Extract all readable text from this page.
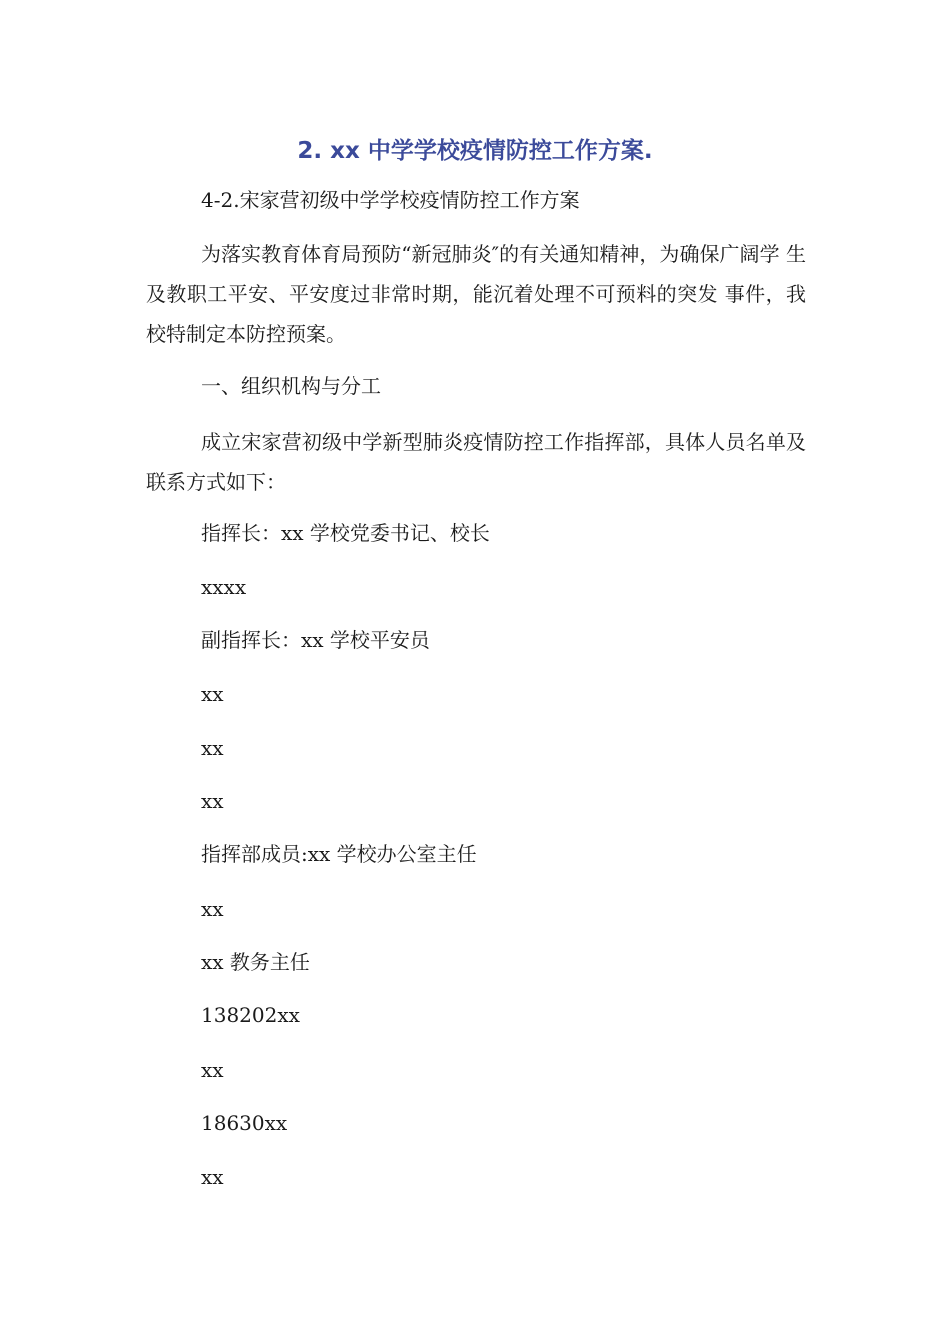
2. xx 中学学校疫情防控工作方案.
4-2.宋家营初级中学学校疫情防控工作方案
为落实教育体育局预防“新冠肺炎″的有关通知精神，为确保广阔学 生及教职工平安、平安度过非常时期，能沉着处理不可预料的突发 事件，我校特制定本防控预案。
一、组织机构与分工
成立宋家营初级中学新型肺炎疫情防控工作指挥部，具体人员名单及联系方式如下：
指挥长：xx 学校党委书记、校长
xxxx
副指挥长：xx 学校平安员
xx
xx
xx
指挥部成员:xx 学校办公室主任
xx
xx 教务主任
138202xx
xx
18630xx
xx
